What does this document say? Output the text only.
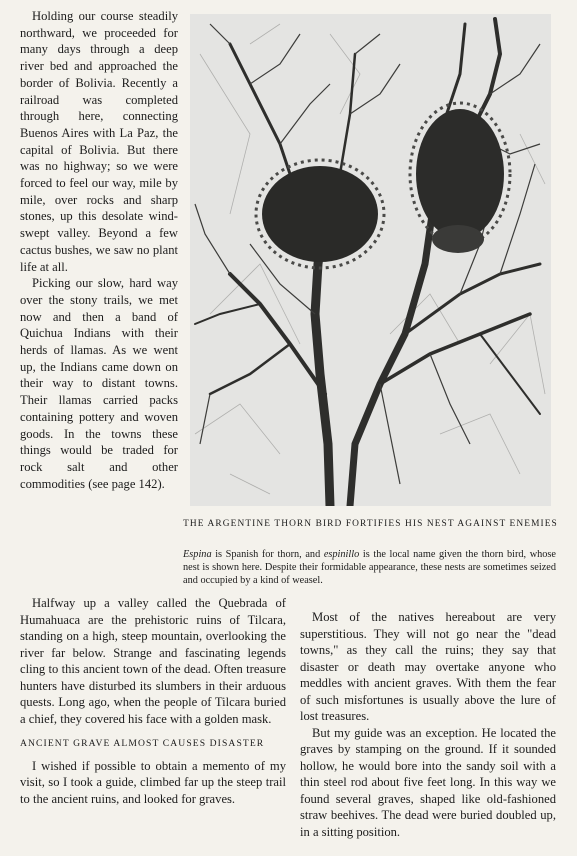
Holding our course steadily northward, we proceeded for many days through a deep river bed and approached the border of Bolivia. Recently a railroad was completed through here, connecting Buenos Aires with La Paz, the capital of Bolivia. But there was no highway; so we were forced to feel our way, mile by mile, over rocks and sharp stones, up this desolate wind-swept valley. Beyond a few cactus bushes, we saw no plant life at all.

Picking our slow, hard way over the stony trails, we met now and then a band of Quichua Indians with their herds of llamas. As we went up, the Indians came down on their way to distant towns. Their llamas carried packs containing pottery and woven goods. In the towns these things would be traded for rock salt and other commodities (see page 142).

THE ARGENTINE THORN BIRD FORTIFIES HIS NEST AGAINST ENEMIES
Espina is Spanish for thorn, and espinillo is the local name given the thorn bird, whose nest is shown here. Despite their formidable appearance, these nests are sometimes seized and occupied by a kind of weasel.

Halfway up a valley called the Quebrada of Humahuaca are the prehistoric ruins of Tilcara, standing on a high, steep mountain, overlooking the river far below. Strange and fascinating legends cling to this ancient town of the dead. Often treasure hunters have disturbed its slumbers in their arduous quests. Long ago, when the people of Tilcara buried a chief, they covered his face with a golden mask.

ANCIENT GRAVE ALMOST CAUSES DISASTER

I wished if possible to obtain a memento of my visit, so I took a guide, climbed far up the steep trail to the ancient ruins, and looked for graves.

Most of the natives hereabout are very superstitious. They will not go near the "dead towns," as they call the ruins; they say that disaster or death may overtake anyone who meddles with ancient graves. With them the fear of such misfortunes is usually above the lure of lost treasures.

But my guide was an exception. He located the graves by stamping on the ground. If it sounded hollow, he would bore into the sandy soil with a thin steel rod about five feet long. In this way we found several graves, shaped like old-fashioned straw beehives. The dead were buried doubled up, in a sitting position.
